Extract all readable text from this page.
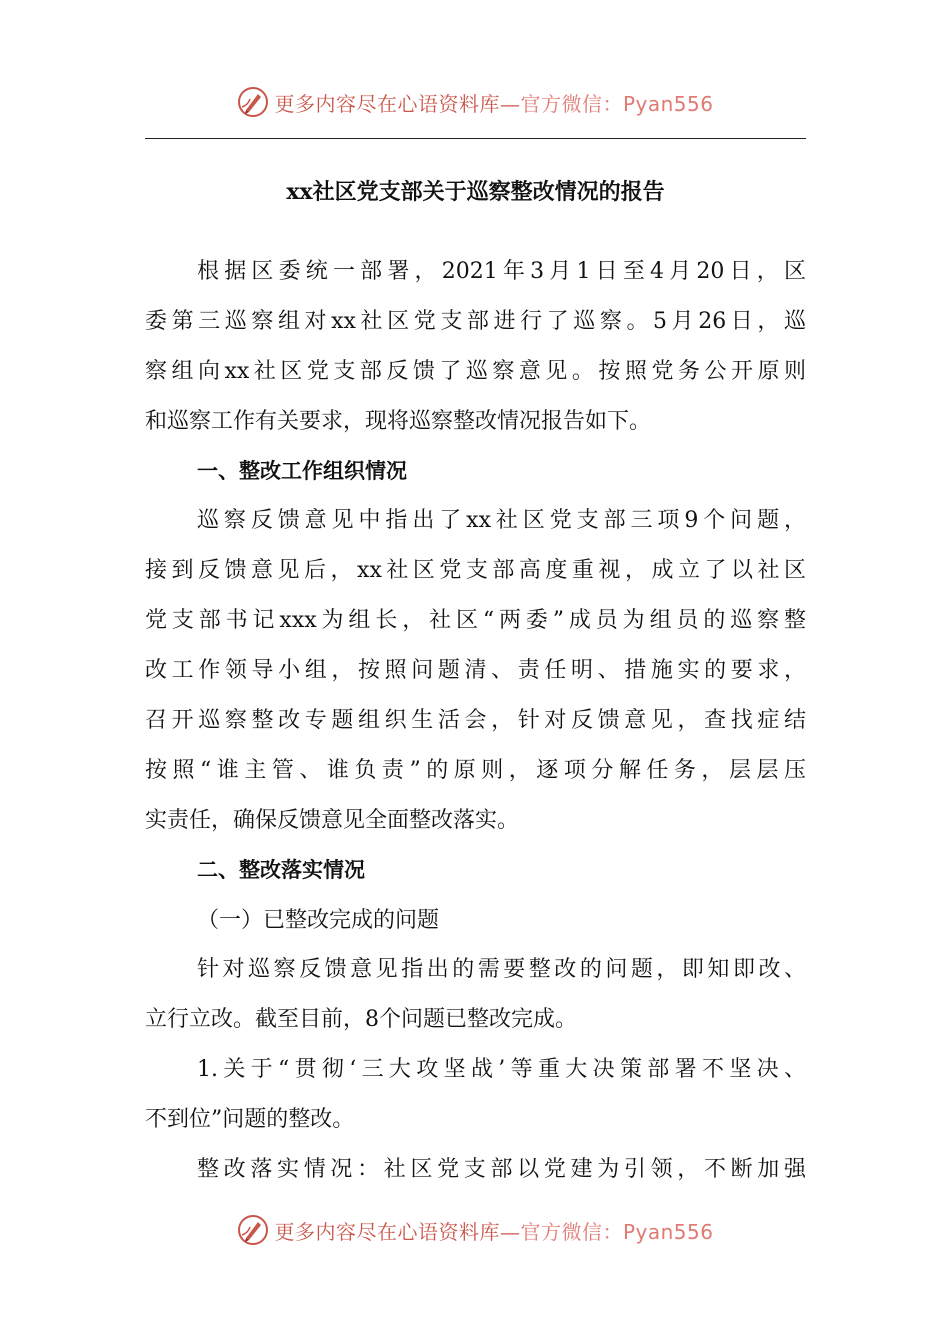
更多内容尽在心语资料库—官方微信：Pyan556
xx社区党支部关于巡察整改情况的报告
根据区委统一部署，2021年3月1日至4月20日，区
委第三巡察组对xx社区党支部进行了巡察。5月26日，巡
察组向xx社区党支部反馈了巡察意见。按照党务公开原则
和巡察工作有关要求，现将巡察整改情况报告如下。
一、整改工作组织情况
巡察反馈意见中指出了xx社区党支部三项9个问题，
接到反馈意见后，xx社区党支部高度重视，成立了以社区
党支部书记xxx为组长，社区“两委”成员为组员的巡察整
改工作领导小组，按照问题清、责任明、措施实的要求，
召开巡察整改专题组织生活会，针对反馈意见，查找症结
按照“谁主管、谁负责”的原则，逐项分解任务，层层压
实责任，确保反馈意见全面整改落实。
二、整改落实情况
（一）已整改完成的问题
针对巡察反馈意见指出的需要整改的问题，即知即改、
立行立改。截至目前，8个问题已整改完成。
1.关于“贯彻‘三大攻坚战’等重大决策部署不坚决、
不到位”问题的整改。
整改落实情况：社区党支部以党建为引领，不断加强
更多内容尽在心语资料库—官方微信：Pyan556
